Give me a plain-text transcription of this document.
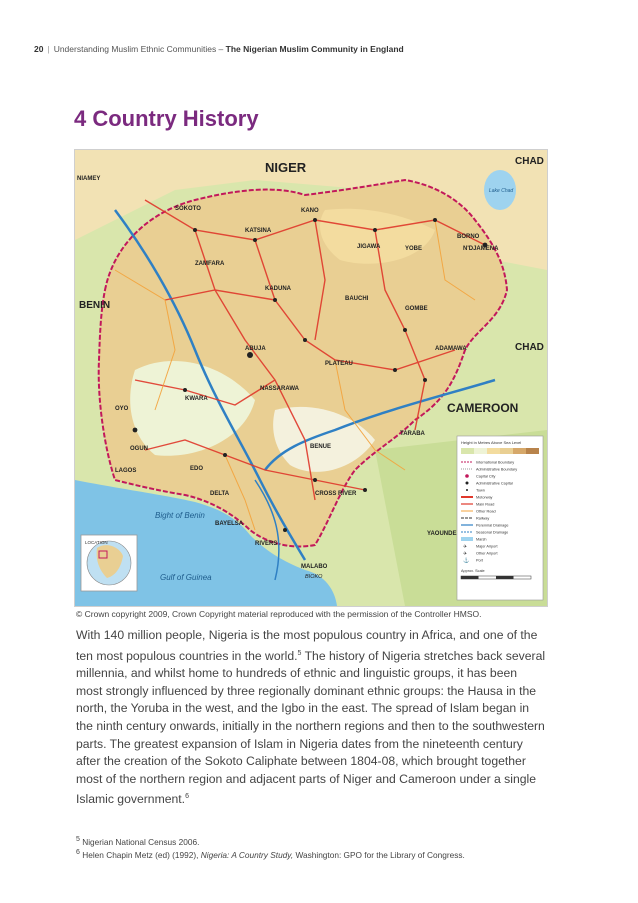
20 | Understanding Muslim Ethnic Communities – The Nigerian Muslim Community in England
4 Country History
NIGER	CHAD
BENIN
CHAD
CAMEROON
NIAMEY
SOKOTO
KATSINA
KANO
JIGAWA	YOBE
BORNO
ZAMFARA
KADUNA
BAUCHI
GOMBE
ADAMAWA
ABUJA
PLATEAU
NASSARAWA
KWARA
OYO
OGUN
LAGOS	EDO
DELTA
BAYELSA
RIVERS
BENUE
TARABA
CROSS RIVER
MALABO
BIOKO
YAOUNDE
N'DJAMENA
Bight of Benin
Gulf of Guinea
Lake Chad
LOCATION
Height in Metres Above Sea Level
International Boundary
Administrative Boundary
Capital City
Administrative Capital
Town
Motorway
Main Road
Other Road
Railway
Perennial Drainage
Seasonal Drainage
Marsh
✈ Major Airport
✈ Other Airport
⚓ Port
Approx. Scale
© Crown copyright 2009, Crown Copyright material reproduced with the permission of the Controller HMSO.

With 140 million people, Nigeria is the most populous country in Africa, and one of the ten most populous countries in the world.$^5$ The history of Nigeria stretches back several millennia, and whilst home to hundreds of ethnic and linguistic groups, it has been most strongly influenced by three regionally dominant ethnic groups: the Hausa in the north, the Yoruba in the west, and the Igbo in the east. The spread of Islam began in the ninth century onwards, initially in the northern regions and then to the southwestern parts. The greatest expansion of Islam in Nigeria dates from the nineteenth century after the creation of the Sokoto Caliphate between 1804-08, which brought together most of the northern region and adjacent parts of Niger and Cameroon under a single Islamic government.$^6$

$^5$ Nigerian National Census 2006.
$^6$ Helen Chapin Metz (ed) (1992), Nigeria: A Country Study, Washington: GPO for the Library of Congress.
